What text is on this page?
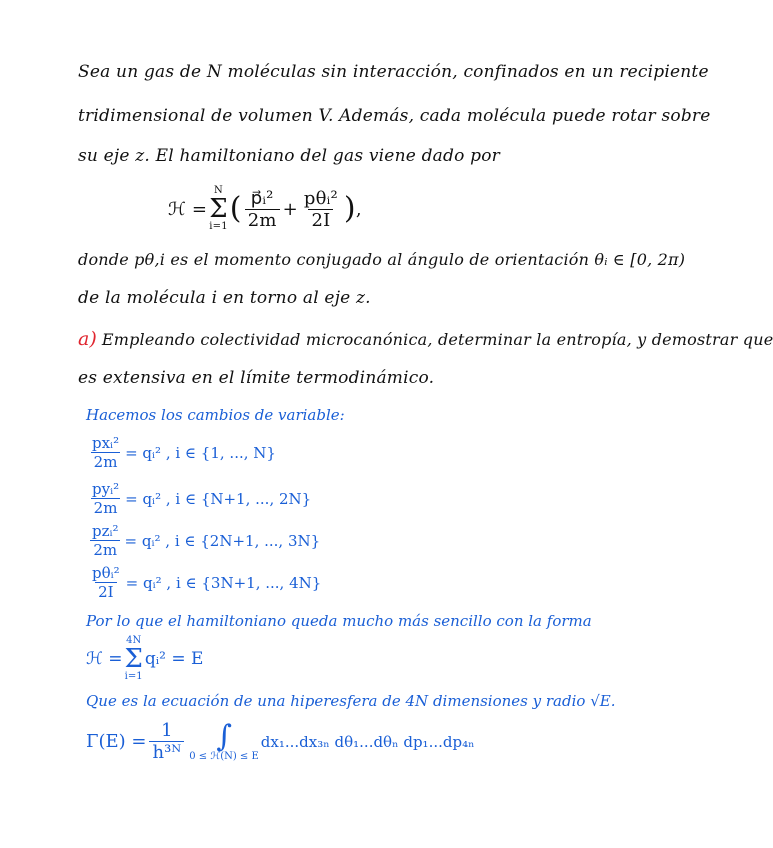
Sea un gas de N moléculas sin interacción, confinados en un recipiente
tridimensional de volumen V. Además, cada molécula puede rotar sobre
su eje z. El hamiltoniano del gas viene dado por
ℋ =
N
Σ
i=1
( $\frac{\text{p⃗ᵢ²}}{2m} + \frac{\text{pθᵢ²}}{2I}$ ) ,
donde pθ,i es el momento conjugado al ángulo de orientación θᵢ ∈ [0, 2π)
de la molécula i en torno al eje z.
a) Empleando colectividad microcanónica, determinar la entropía, y demostrar que
es extensiva en el límite termodinámico.
Hacemos los cambios de variable:
$\frac{\text{pxᵢ²}}{2m}$ = qᵢ² , i ∈ {1, ..., N}
$\frac{\text{pyᵢ²}}{2m}$ = qᵢ² , i ∈ {N+1, ..., 2N}
$\frac{\text{pzᵢ²}}{2m}$ = qᵢ² , i ∈ {2N+1, ..., 3N}
$\frac{\text{pθᵢ²}}{2I}$ = qᵢ² , i ∈ {3N+1, ..., 4N}
Por lo que el hamiltoniano queda mucho más sencillo con la forma
ℋ =
4N
Σ
i=1
qᵢ² = E
Que es la ecuación de una hiperesfera de 4N dimensiones y radio √E.
$\Gamma(E) = \frac{1}{\text{h³ᴺ}}$ ∫
0 ≤ ℋ(N) ≤ E
dx₁...dx₃ₙ dθ₁...dθₙ dp₁...dp₄ₙ
